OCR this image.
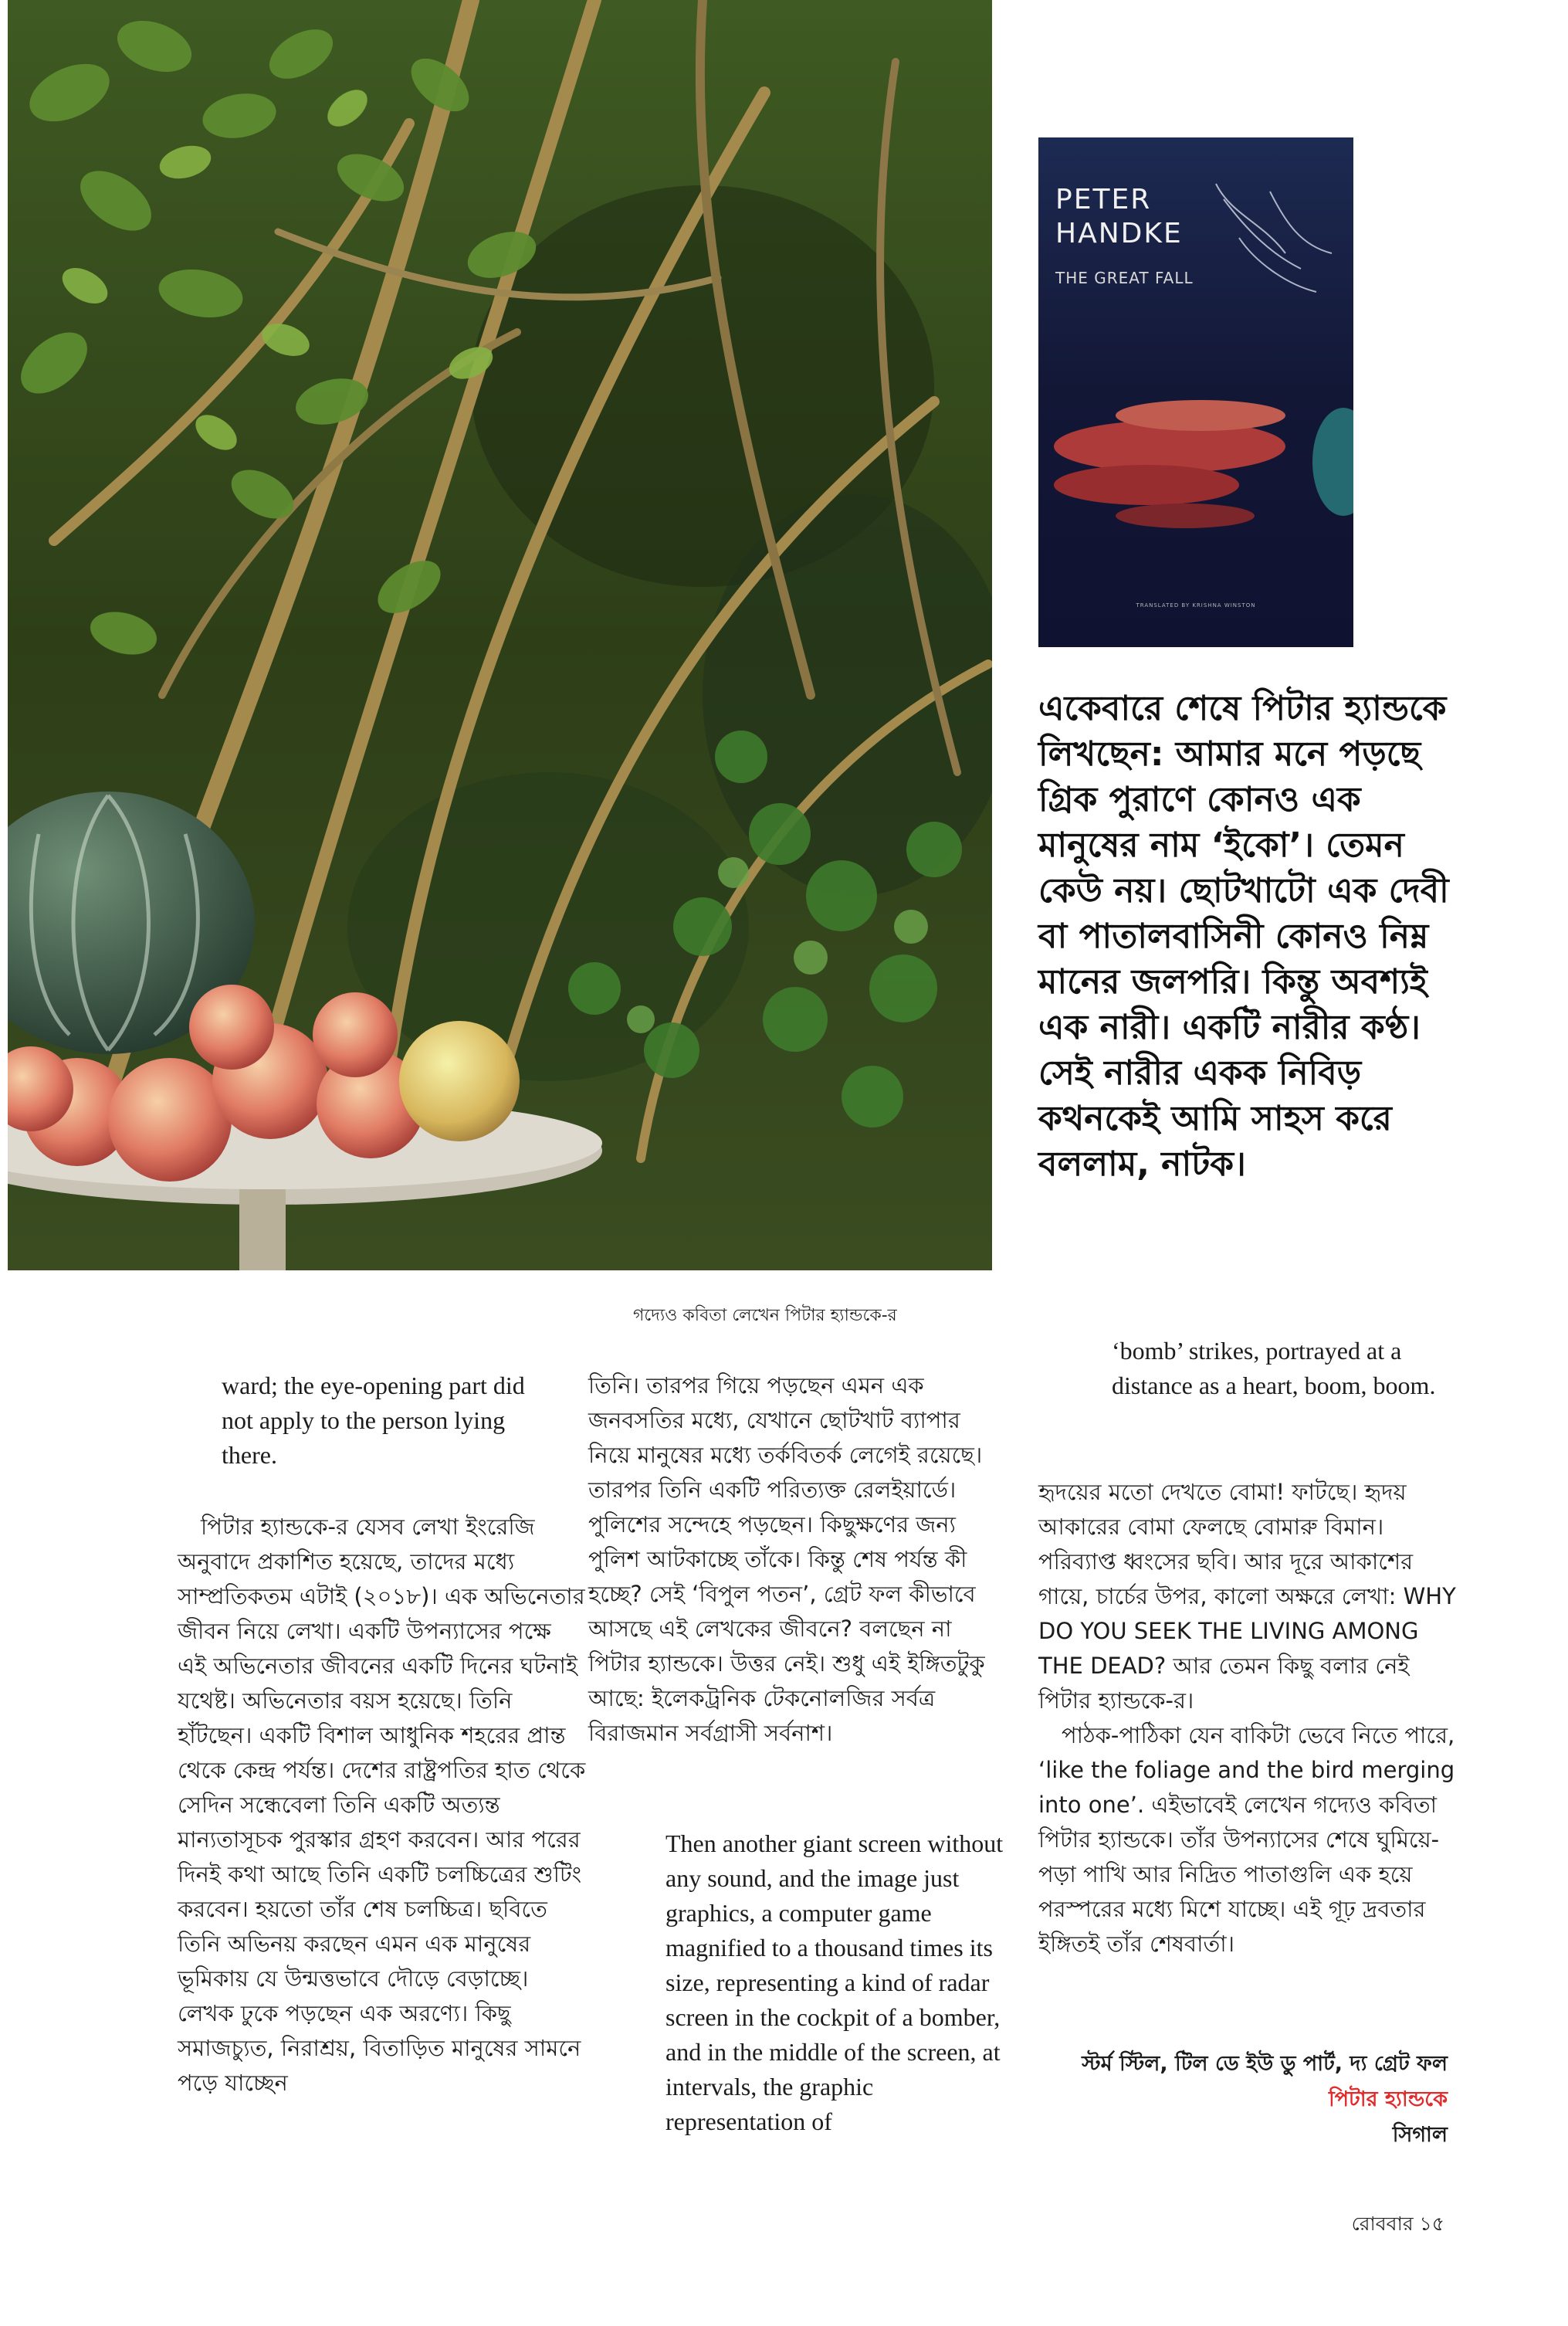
PETER
HANDKE
THE GREAT FALL
TRANSLATED BY KRISHNA WINSTON
একেবারে শেষে পিটার হ্যান্ডকে লিখছেন: আমার মনে পড়ছে গ্রিক পুরাণে কোনও এক মানুষের নাম ‘ইকো’। তেমন কেউ নয়। ছোটখাটো এক দেবী বা পাতালবাসিনী কোনও নিম্ন মানের জলপরি। কিন্তু অবশ্যই এক নারী। একটি নারীর কণ্ঠ। সেই নারীর একক নিবিড় কথনকেই আমি সাহস করে বললাম, নাটক।
গদ্যেও কবিতা লেখেন পিটার হ্যান্ডকে-র
ward; the eye-opening part did not apply to the person lying there.
পিটার হ্যান্ডকে-র যেসব লেখা ইংরেজি অনুবাদে প্রকাশিত হয়েছে, তাদের মধ্যে সাম্প্রতিকতম এটাই (২০১৮)। এক অভিনেতার জীবন নিয়ে লেখা। একটি উপন্যাসের পক্ষে এই অভিনেতার জীবনের একটি দিনের ঘটনাই যথেষ্ট। অভিনেতার বয়স হয়েছে। তিনি হাঁটছেন। একটি বিশাল আধুনিক শহরের প্রান্ত থেকে কেন্দ্র পর্যন্ত। দেশের রাষ্ট্রপতির হাত থেকে সেদিন সন্ধেবেলা তিনি একটি অত্যন্ত মান্যতাসূচক পুরস্কার গ্রহণ করবেন। আর পরের দিনই কথা আছে তিনি একটি চলচ্চিত্রের শুটিং করবেন। হয়তো তাঁর শেষ চলচ্চিত্র। ছবিতে তিনি অভিনয় করছেন এমন এক মানুষের ভূমিকায় যে উন্মত্তভাবে দৌড়ে বেড়াচ্ছে। লেখক ঢুকে পড়ছেন এক অরণ্যে। কিছু সমাজচ্যুত, নিরাশ্রয়, বিতাড়িত মানুষের সামনে পড়ে যাচ্ছেন
তিনি। তারপর গিয়ে পড়ছেন এমন এক জনবসতির মধ্যে, যেখানে ছোটখাট ব্যাপার নিয়ে মানুষের মধ্যে তর্কবিতর্ক লেগেই রয়েছে। তারপর তিনি একটি পরিত্যক্ত রেলইয়ার্ডে। পুলিশের সন্দেহে পড়ছেন। কিছুক্ষণের জন্য পুলিশ আটকাচ্ছে তাঁকে। কিন্তু শেষ পর্যন্ত কী হচ্ছে? সেই ‘বিপুল পতন’, গ্রেট ফল কীভাবে আসছে এই লেখকের জীবনে? বলছেন না পিটার হ্যান্ডকে। উত্তর নেই। শুধু এই ইঙ্গিতটুকু আছে: ইলেকট্রনিক টেকনোলজির সর্বত্র বিরাজমান সর্বগ্রাসী সর্বনাশ।
Then another giant screen without any sound, and the image just graphics, a computer game magnified to a thousand times its size, representing a kind of radar screen in the cockpit of a bomber, and in the middle of the screen, at intervals, the graphic representation of
‘bomb’ strikes, portrayed at a distance as a heart, boom, boom.
হৃদয়ের মতো দেখতে বোমা! ফাটছে। হৃদয় আকারের বোমা ফেলছে বোমারু বিমান। পরিব্যাপ্ত ধ্বংসের ছবি। আর দূরে আকাশের গায়ে, চার্চের উপর, কালো অক্ষরে লেখা: WHY DO YOU SEEK THE LIVING AMONG THE DEAD? আর তেমন কিছু বলার নেই পিটার হ্যান্ডকে-র।
পাঠক-পাঠিকা যেন বাকিটা ভেবে নিতে পারে, ‘like the foliage and the bird merging into one’. এইভাবেই লেখেন গদ্যেও কবিতা পিটার হ্যান্ডকে। তাঁর উপন্যাসের শেষে ঘুমিয়ে-পড়া পাখি আর নিদ্রিত পাতাগুলি এক হয়ে পরস্পরের মধ্যে মিশে যাচ্ছে। এই গূঢ় দ্রবতার ইঙ্গিতই তাঁর শেষবার্তা।
স্টর্ম স্টিল, টিল ডে ইউ ডু পার্ট, দ্য গ্রেট ফল
পিটার হ্যান্ডকে
সিগাল
রোববার ১৫
